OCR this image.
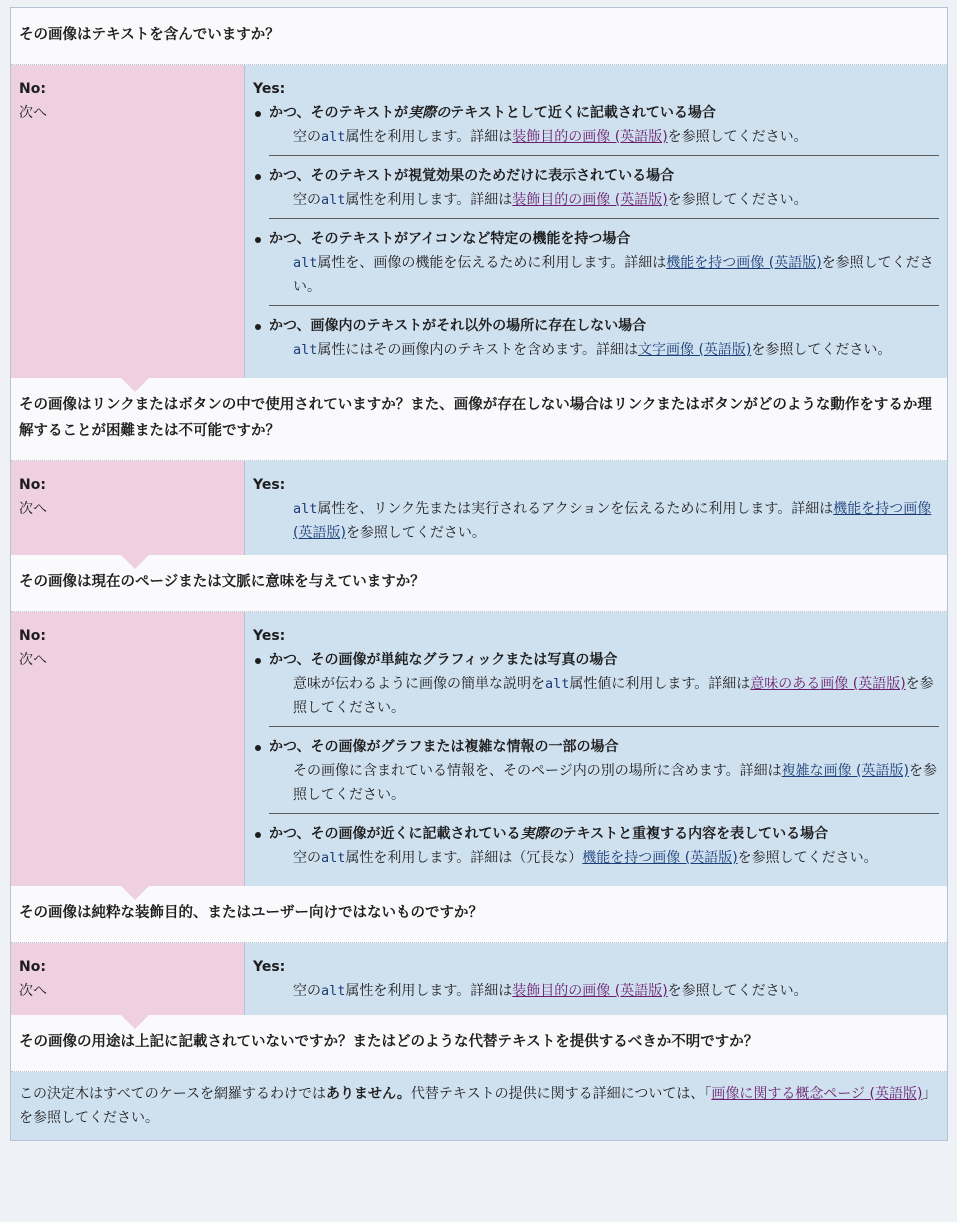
その画像はテキストを含んでいますか？
No:
次へ
Yes:
かつ、そのテキストが実際のテキストとして近くに記載されている場合
空のalt属性を利用します。詳細は装飾目的の画像 (英語版)を参照してください。
かつ、そのテキストが視覚効果のためだけに表示されている場合
空のalt属性を利用します。詳細は装飾目的の画像 (英語版)を参照してください。
かつ、そのテキストがアイコンなど特定の機能を持つ場合
alt属性を、画像の機能を伝えるために利用します。詳細は機能を持つ画像 (英語版)を参照してください。
かつ、画像内のテキストがそれ以外の場所に存在しない場合
alt属性にはその画像内のテキストを含めます。詳細は文字画像 (英語版)を参照してください。
その画像はリンクまたはボタンの中で使用されていますか？また、画像が存在しない場合はリンクまたはボタンがどのような動作をするか理解することが困難または不可能ですか？
No:
次へ
Yes:
alt属性を、リンク先または実行されるアクションを伝えるために利用します。詳細は機能を持つ画像 (英語版)を参照してください。
その画像は現在のページまたは文脈に意味を与えていますか？
No:
次へ
Yes:
かつ、その画像が単純なグラフィックまたは写真の場合
意味が伝わるように画像の簡単な説明をalt属性値に利用します。詳細は意味のある画像 (英語版)を参照してください。
かつ、その画像がグラフまたは複雑な情報の一部の場合
その画像に含まれている情報を、そのページ内の別の場所に含めます。詳細は複雑な画像 (英語版)を参照してください。
かつ、その画像が近くに記載されている実際のテキストと重複する内容を表している場合
空のalt属性を利用します。詳細は（冗長な）機能を持つ画像 (英語版)を参照してください。
その画像は純粋な装飾目的、またはユーザー向けではないものですか？
No:
次へ
Yes:
空のalt属性を利用します。詳細は装飾目的の画像 (英語版)を参照してください。
その画像の用途は上記に記載されていないですか？またはどのような代替テキストを提供するべきか不明ですか？
この決定木はすべてのケースを網羅するわけではありません。代替テキストの提供に関する詳細については、「画像に関する概念ページ (英語版)」を参照してください。
